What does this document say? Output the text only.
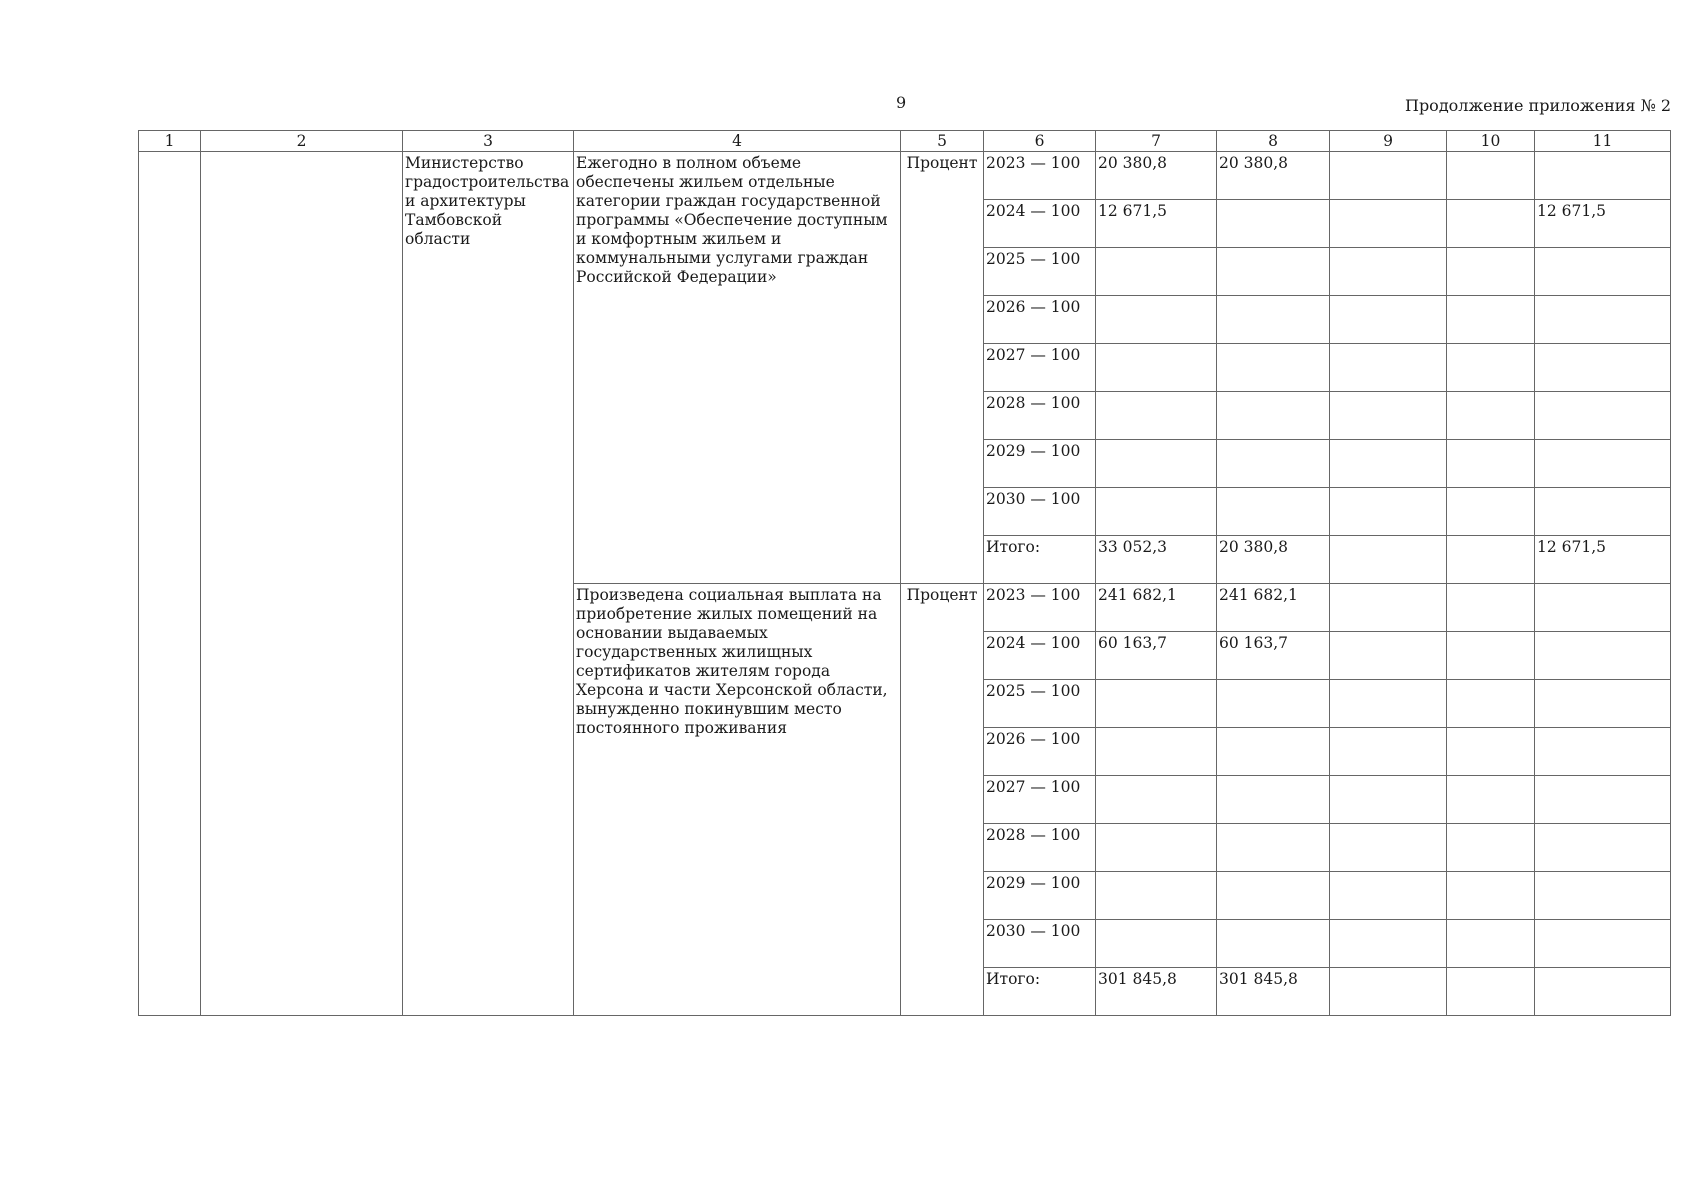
9	Продолжение приложения № 2
1	2	3	4	5	6	7	8	9	10	11
		Министерство градостроительства и архитектуры Тамбовской области	Ежегодно в полном объеме обеспечены жильем отдельные категории граждан государственной программы «Обеспечение доступным и комфортным жильем и коммунальными услугами граждан Российской Федерации»	Процент	2023 — 100	20 380,8	20 380,8			
					2024 — 100	12 671,5				12 671,5
					2025 — 100					
					2026 — 100					
					2027 — 100					
					2028 — 100					
					2029 — 100					
					2030 — 100					
					Итого:	33 052,3	20 380,8			12 671,5
			Произведена социальная выплата на приобретение жилых помещений на основании выдаваемых государственных жилищных сертификатов жителям города Херсона и части Херсонской области, вынужденно покинувшим место постоянного проживания	Процент	2023 — 100	241 682,1	241 682,1			
					2024 — 100	60 163,7	60 163,7			
					2025 — 100					
					2026 — 100					
					2027 — 100					
					2028 — 100					
					2029 — 100					
					2030 — 100					
					Итого:	301 845,8	301 845,8			
